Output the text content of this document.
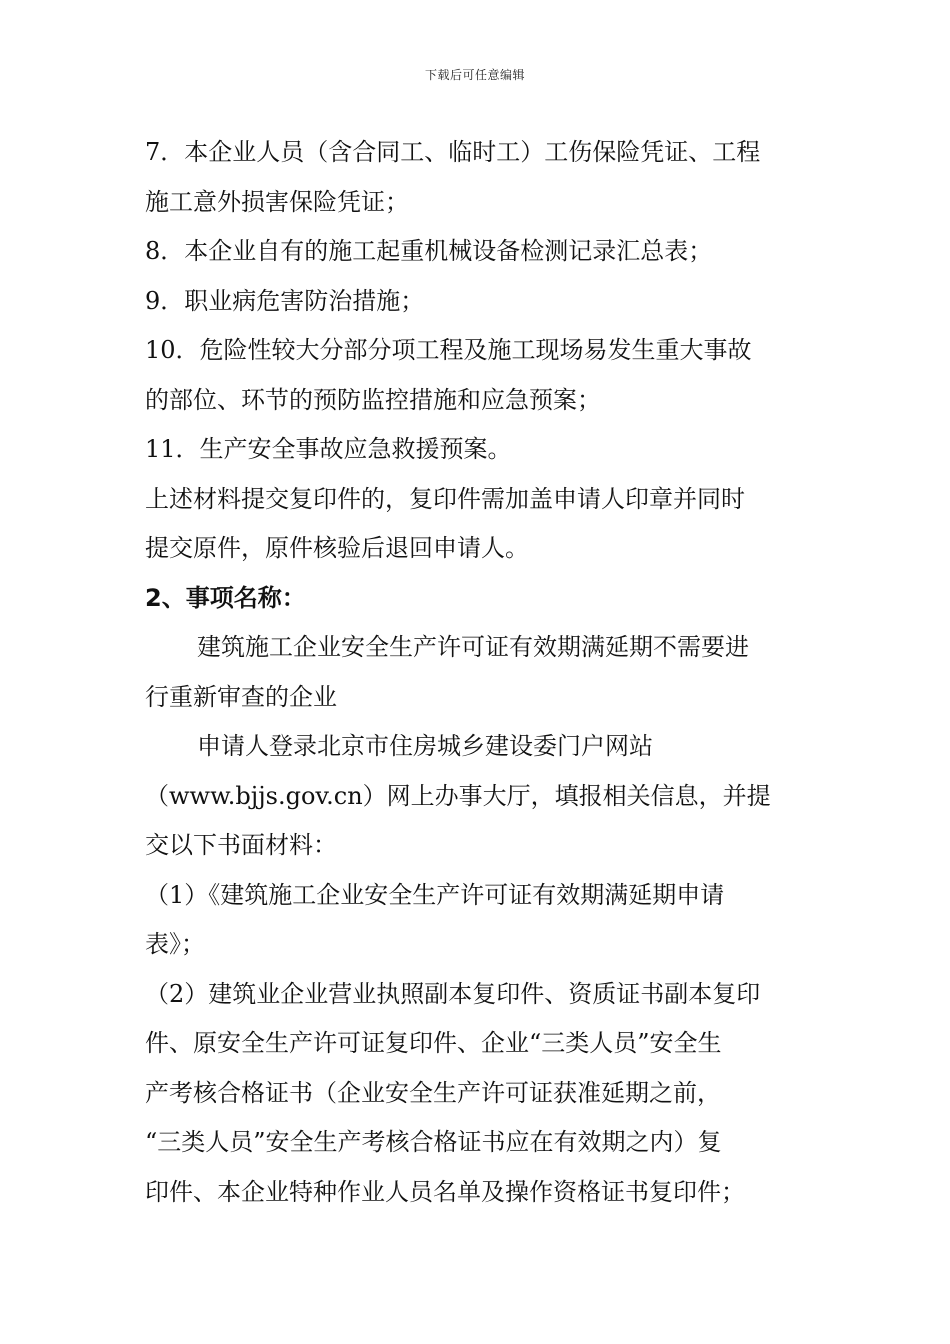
下载后可任意编辑
7．本企业人员（含合同工、临时工）工伤保险凭证、工程
施工意外损害保险凭证；
8．本企业自有的施工起重机械设备检测记录汇总表；
9．职业病危害防治措施；
10．危险性较大分部分项工程及施工现场易发生重大事故
的部位、环节的预防监控措施和应急预案；
11．生产安全事故应急救援预案。
上述材料提交复印件的，复印件需加盖申请人印章并同时
提交原件，原件核验后退回申请人。
2、事项名称：
建筑施工企业安全生产许可证有效期满延期不需要进
行重新审查的企业
申请人登录北京市住房城乡建设委门户网站
（www.bjjs.gov.cn）网上办事大厅，填报相关信息，并提
交以下书面材料：
（1）《建筑施工企业安全生产许可证有效期满延期申请
表》；
（2）建筑业企业营业执照副本复印件、资质证书副本复印
件、原安全生产许可证复印件、企业“三类人员”安全生
产考核合格证书（企业安全生产许可证获准延期之前，
“三类人员”安全生产考核合格证书应在有效期之内）复
印件、本企业特种作业人员名单及操作资格证书复印件；
